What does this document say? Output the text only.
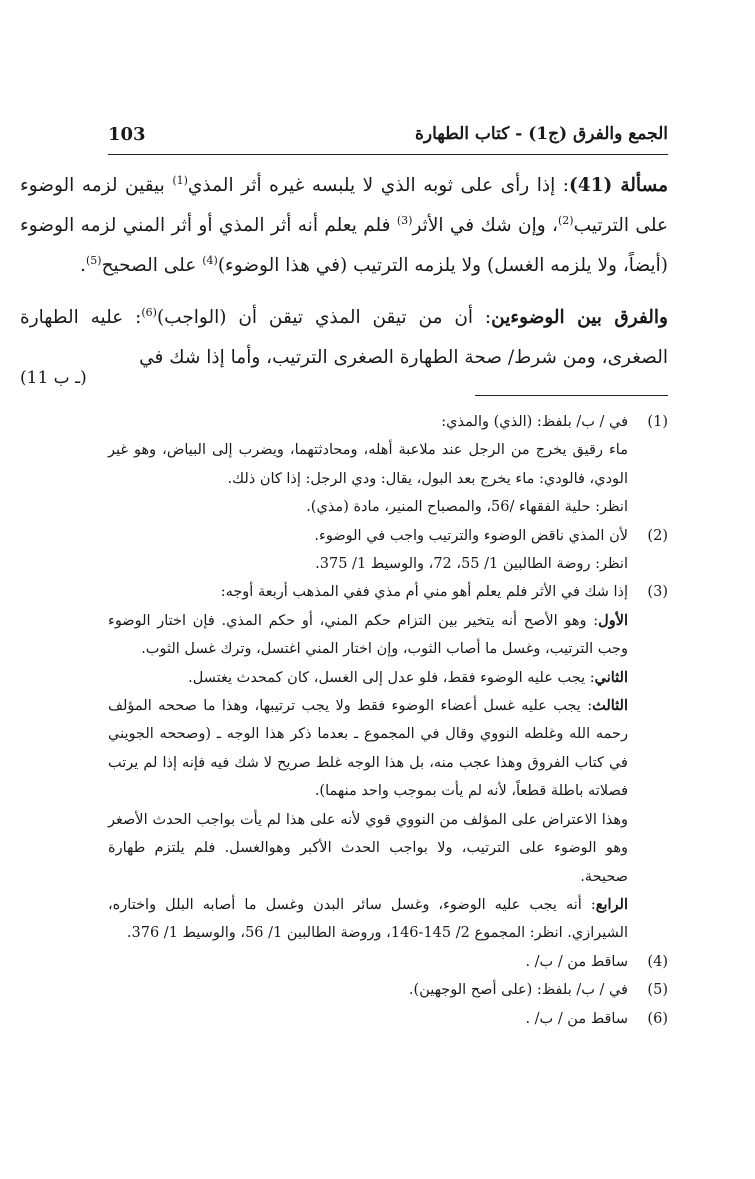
الجمع والفرق (ج1) - كتاب الطهارة
103

مسألة (41): إذا رأى على ثوبه الذي لا يلبسه غيره أثر المذي$^{(1)}$ بيقين لزمه الوضوء على الترتيب$^{(2)}$، وإن شك في الأثر$^{(3)}$ فلم يعلم أنه أثر المذي أو أثر المني لزمه الوضوء (أيضاً، ولا يلزمه الغسل) ولا يلزمه الترتيب (في هذا الوضوء)$^{(4)}$ على الصحيح$^{(5)}$.

والفرق بين الوضوءين: أن من تيقن المذي تيقن أن (الواجب)$^{(6)}$: عليه الطهارة الصغرى، ومن شرط/ صحة الطهارة الصغرى الترتيب، وأما إذا شك في

(11 ـ ب)
(1)
في / ب/ بلفظ: (الذي) والمذي:
ماء رقيق يخرج من الرجل عند ملاعبة أهله، ومحادثتهما، ويضرب إلى البياض، وهو غير الودي، فالودي: ماء يخرج بعد البول، يقال: ودي الرجل: إذا كان ذلك.
انظر: حلية الفقهاء /56، والمصباح المنير، مادة (مذي).
(2)
لأن المذي ناقض الوضوء والترتيب واجب في الوضوء.
انظر: روضة الطالبين 1/ 55، 72، والوسيط 1/ 375.
(3)
إذا شك في الأثر فلم يعلم أهو مني أم مذي ففي المذهب أربعة أوجه:
الأول: وهو الأصح أنه يتخير بين التزام حكم المني، أو حكم المذي. فإن اختار الوضوء وجب الترتيب، وغسل ما أصاب الثوب، وإن اختار المني اغتسل، وترك غسل الثوب.
الثاني: يجب عليه الوضوء فقط، فلو عدل إلى الغسل، كان كمحدث يغتسل.
الثالث: يجب عليه غسل أعضاء الوضوء فقط ولا يجب ترتيبها، وهذا ما صححه المؤلف رحمه الله وغلطه النووي وقال في المجموع ـ بعدما ذكر هذا الوجه ـ (وصححه الجويني في كتاب الفروق وهذا عجب منه، بل هذا الوجه غلط صريح لا شك فيه فإنه إذا لم يرتب فصلاته باطلة قطعاً، لأنه لم يأت بموجب واحد منهما).
وهذا الاعتراض على المؤلف من النووي قوي لأنه على هذا لم يأت بواجب الحدث الأصغر وهو الوضوء على الترتيب، ولا بواجب الحدث الأكبر وهوالغسل. فلم يلتزم طهارة صحيحة.
الرابع: أنه يجب عليه الوضوء، وغسل سائر البدن وغسل ما أصابه البلل واختاره، الشيرازي. انظر: المجموع 2/ 145-146، وروضة الطالبين 1/ 56، والوسيط 1/ 376.
(4)
ساقط من / ب/ .
(5)
في / ب/ بلفظ: (على أصح الوجهين).
(6)
ساقط من / ب/ .
